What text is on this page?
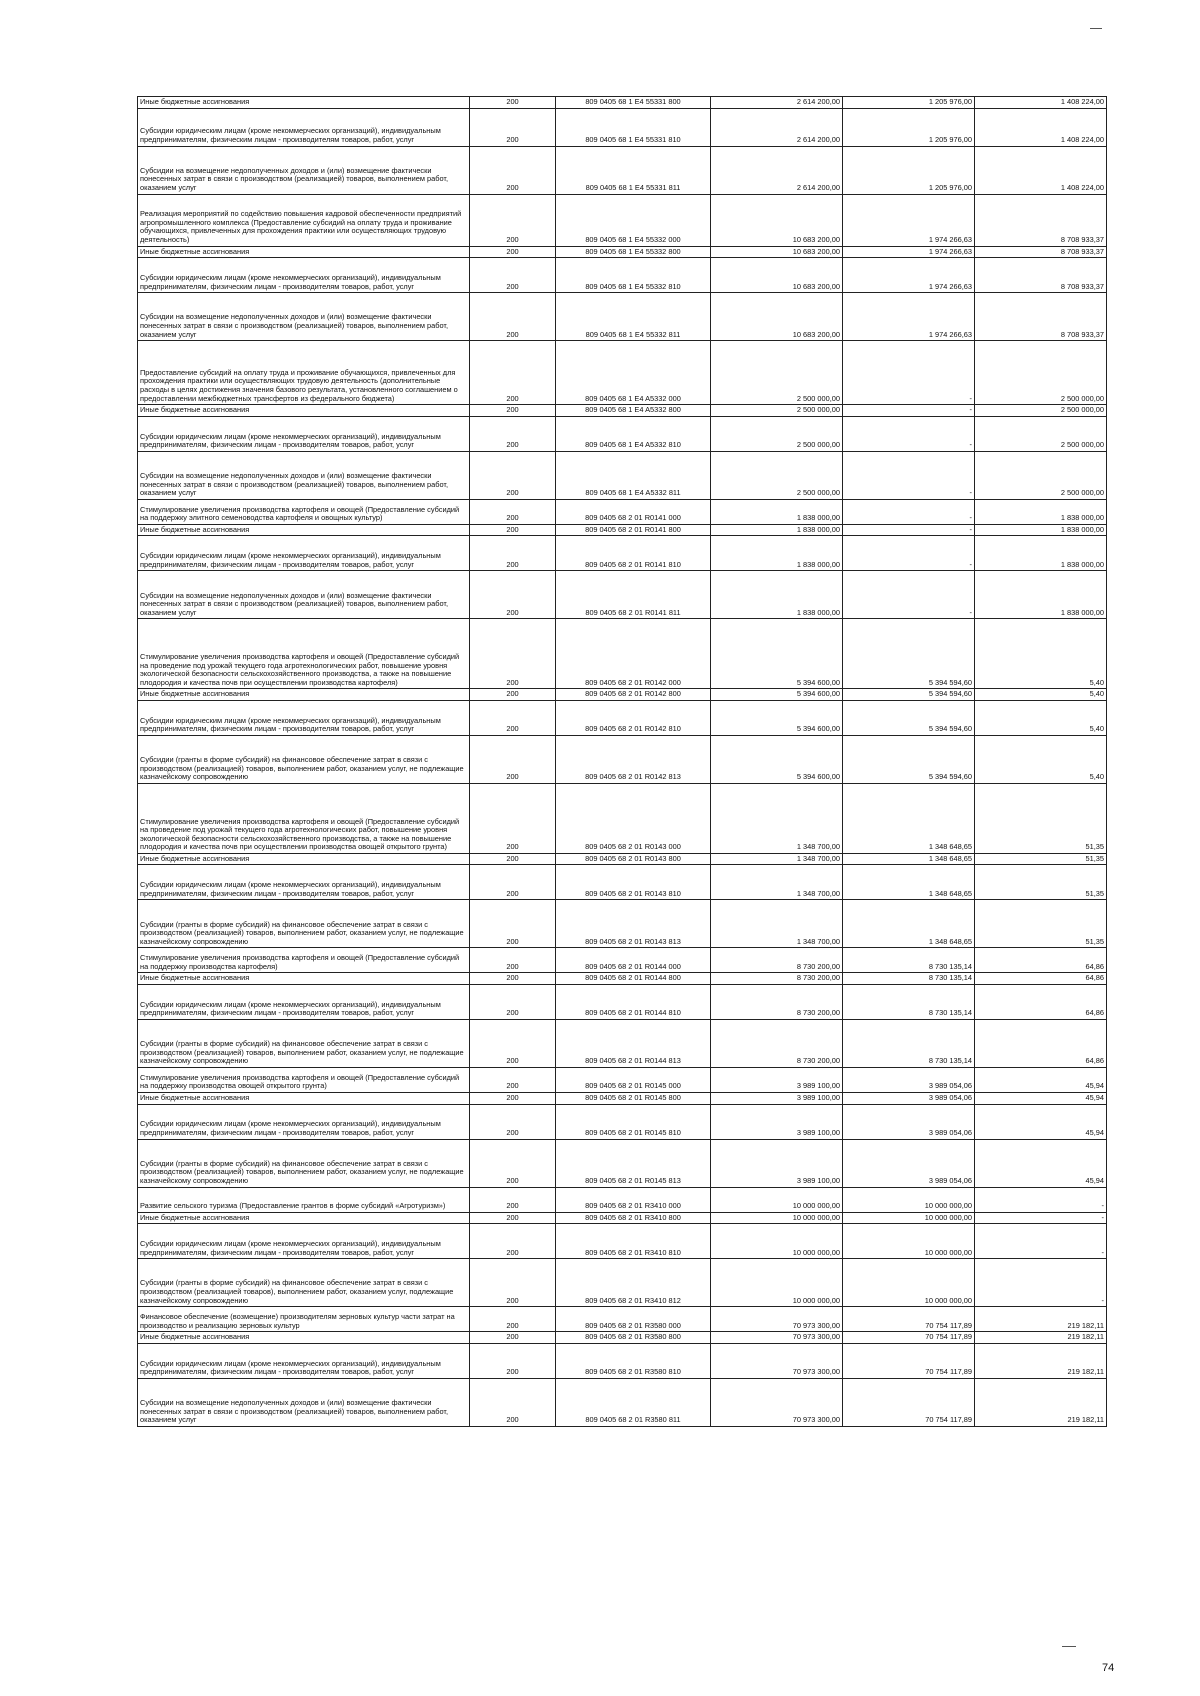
Иные бюджетные ассигнования	200	809 0405 68 1 E4 55331 800	2 614 200,00	1 205 976,00	1 408 224,00
Субсидии юридическим лицам (кроме некоммерческих организаций), индивидуальным предпринимателям, физическим лицам - производителям товаров, работ, услуг	200	809 0405 68 1 E4 55331 810	2 614 200,00	1 205 976,00	1 408 224,00
Субсидии на возмещение недополученных доходов и (или) возмещение фактически понесенных затрат в связи с производством (реализацией) товаров, выполнением работ, оказанием услуг	200	809 0405 68 1 E4 55331 811	2 614 200,00	1 205 976,00	1 408 224,00
Реализация мероприятий по содействию повышения кадровой обеспеченности предприятий агропромышленного комплекса (Предоставление субсидий на оплату труда и проживание обучающихся, привлеченных для прохождения практики или осуществляющих трудовую деятельность)	200	809 0405 68 1 E4 55332 000	10 683 200,00	1 974 266,63	8 708 933,37
Иные бюджетные ассигнования	200	809 0405 68 1 E4 55332 800	10 683 200,00	1 974 266,63	8 708 933,37
Субсидии юридическим лицам (кроме некоммерческих организаций), индивидуальным предпринимателям, физическим лицам - производителям товаров, работ, услуг	200	809 0405 68 1 E4 55332 810	10 683 200,00	1 974 266,63	8 708 933,37
Субсидии на возмещение недополученных доходов и (или) возмещение фактически понесенных затрат в связи с производством (реализацией) товаров, выполнением работ, оказанием услуг	200	809 0405 68 1 E4 55332 811	10 683 200,00	1 974 266,63	8 708 933,37
Предоставление субсидий на оплату труда и проживание обучающихся, привлеченных для прохождения практики или осуществляющих трудовую деятельность (дополнительные расходы в целях достижения значения базового результата, установленного соглашением о предоставлении межбюджетных трансфертов из федерального бюджета)	200	809 0405 68 1 E4 A5332 000	2 500 000,00	-	2 500 000,00
Иные бюджетные ассигнования	200	809 0405 68 1 E4 A5332 800	2 500 000,00	-	2 500 000,00
Субсидии юридическим лицам (кроме некоммерческих организаций), индивидуальным предпринимателям, физическим лицам - производителям товаров, работ, услуг	200	809 0405 68 1 E4 A5332 810	2 500 000,00	-	2 500 000,00
Субсидии на возмещение недополученных доходов и (или) возмещение фактически понесенных затрат в связи с производством (реализацией) товаров, выполнением работ, оказанием услуг	200	809 0405 68 1 E4 A5332 811	2 500 000,00	-	2 500 000,00
Стимулирование увеличения производства картофеля и овощей (Предоставление субсидий на поддержку элитного семеноводства картофеля и овощных культур)	200	809 0405 68 2 01 R0141 000	1 838 000,00	-	1 838 000,00
Иные бюджетные ассигнования	200	809 0405 68 2 01 R0141 800	1 838 000,00	-	1 838 000,00
Субсидии юридическим лицам (кроме некоммерческих организаций), индивидуальным предпринимателям, физическим лицам - производителям товаров, работ, услуг	200	809 0405 68 2 01 R0141 810	1 838 000,00	-	1 838 000,00
Субсидии на возмещение недополученных доходов и (или) возмещение фактически понесенных затрат в связи с производством (реализацией) товаров, выполнением работ, оказанием услуг	200	809 0405 68 2 01 R0141 811	1 838 000,00	-	1 838 000,00
Стимулирование увеличения производства картофеля и овощей (Предоставление субсидий на проведение под урожай текущего года агротехнологических работ, повышение уровня экологической безопасности сельскохозяйственного производства, а также на повышение плодородия и качества почв при осуществлении производства картофеля)	200	809 0405 68 2 01 R0142 000	5 394 600,00	5 394 594,60	5,40
Иные бюджетные ассигнования	200	809 0405 68 2 01 R0142 800	5 394 600,00	5 394 594,60	5,40
Субсидии юридическим лицам (кроме некоммерческих организаций), индивидуальным предпринимателям, физическим лицам - производителям товаров, работ, услуг	200	809 0405 68 2 01 R0142 810	5 394 600,00	5 394 594,60	5,40
Субсидии (гранты в форме субсидий) на финансовое обеспечение затрат в связи с производством (реализацией) товаров, выполнением работ, оказанием услуг, не подлежащие казначейскому сопровождению	200	809 0405 68 2 01 R0142 813	5 394 600,00	5 394 594,60	5,40
Стимулирование увеличения производства картофеля и овощей (Предоставление субсидий на проведение под урожай текущего года агротехнологических работ, повышение уровня экологической безопасности сельскохозяйственного производства, а также на повышение плодородия и качества почв при осуществлении производства овощей открытого грунта)	200	809 0405 68 2 01 R0143 000	1 348 700,00	1 348 648,65	51,35
Иные бюджетные ассигнования	200	809 0405 68 2 01 R0143 800	1 348 700,00	1 348 648,65	51,35
Субсидии юридическим лицам (кроме некоммерческих организаций), индивидуальным предпринимателям, физическим лицам - производителям товаров, работ, услуг	200	809 0405 68 2 01 R0143 810	1 348 700,00	1 348 648,65	51,35
Субсидии (гранты в форме субсидий) на финансовое обеспечение затрат в связи с производством (реализацией) товаров, выполнением работ, оказанием услуг, не подлежащие казначейскому сопровождению	200	809 0405 68 2 01 R0143 813	1 348 700,00	1 348 648,65	51,35
Стимулирование увеличения производства картофеля и овощей (Предоставление субсидий на поддержку производства картофеля)	200	809 0405 68 2 01 R0144 000	8 730 200,00	8 730 135,14	64,86
Иные бюджетные ассигнования	200	809 0405 68 2 01 R0144 800	8 730 200,00	8 730 135,14	64,86
Субсидии юридическим лицам (кроме некоммерческих организаций), индивидуальным предпринимателям, физическим лицам - производителям товаров, работ, услуг	200	809 0405 68 2 01 R0144 810	8 730 200,00	8 730 135,14	64,86
Субсидии (гранты в форме субсидий) на финансовое обеспечение затрат в связи с производством (реализацией) товаров, выполнением работ, оказанием услуг, не подлежащие казначейскому сопровождению	200	809 0405 68 2 01 R0144 813	8 730 200,00	8 730 135,14	64,86
Стимулирование увеличения производства картофеля и овощей (Предоставление субсидий на поддержку производства овощей открытого грунта)	200	809 0405 68 2 01 R0145 000	3 989 100,00	3 989 054,06	45,94
Иные бюджетные ассигнования	200	809 0405 68 2 01 R0145 800	3 989 100,00	3 989 054,06	45,94
Субсидии юридическим лицам (кроме некоммерческих организаций), индивидуальным предпринимателям, физическим лицам - производителям товаров, работ, услуг	200	809 0405 68 2 01 R0145 810	3 989 100,00	3 989 054,06	45,94
Субсидии (гранты в форме субсидий) на финансовое обеспечение затрат в связи с производством (реализацией) товаров, выполнением работ, оказанием услуг, не подлежащие казначейскому сопровождению	200	809 0405 68 2 01 R0145 813	3 989 100,00	3 989 054,06	45,94
Развитие сельского туризма (Предоставление грантов в форме субсидий «Агротуризм»)	200	809 0405 68 2 01 R3410 000	10 000 000,00	10 000 000,00	-
Иные бюджетные ассигнования	200	809 0405 68 2 01 R3410 800	10 000 000,00	10 000 000,00	-
Субсидии юридическим лицам (кроме некоммерческих организаций), индивидуальным предпринимателям, физическим лицам - производителям товаров, работ, услуг	200	809 0405 68 2 01 R3410 810	10 000 000,00	10 000 000,00	-
Субсидии (гранты в форме субсидий) на финансовое обеспечение затрат в связи с производством (реализацией товаров), выполнением работ, оказанием услуг, подлежащие казначейскому сопровождению	200	809 0405 68 2 01 R3410 812	10 000 000,00	10 000 000,00	-
Финансовое обеспечение (возмещение) производителям зерновых культур части затрат на производство и реализацию зерновых культур	200	809 0405 68 2 01 R3580 000	70 973 300,00	70 754 117,89	219 182,11
Иные бюджетные ассигнования	200	809 0405 68 2 01 R3580 800	70 973 300,00	70 754 117,89	219 182,11
Субсидии юридическим лицам (кроме некоммерческих организаций), индивидуальным предпринимателям, физическим лицам - производителям товаров, работ, услуг	200	809 0405 68 2 01 R3580 810	70 973 300,00	70 754 117,89	219 182,11
Субсидии на возмещение недополученных доходов и (или) возмещение фактически понесенных затрат в связи с производством (реализацией) товаров, выполнением работ, оказанием услуг	200	809 0405 68 2 01 R3580 811	70 973 300,00	70 754 117,89	219 182,11
74
